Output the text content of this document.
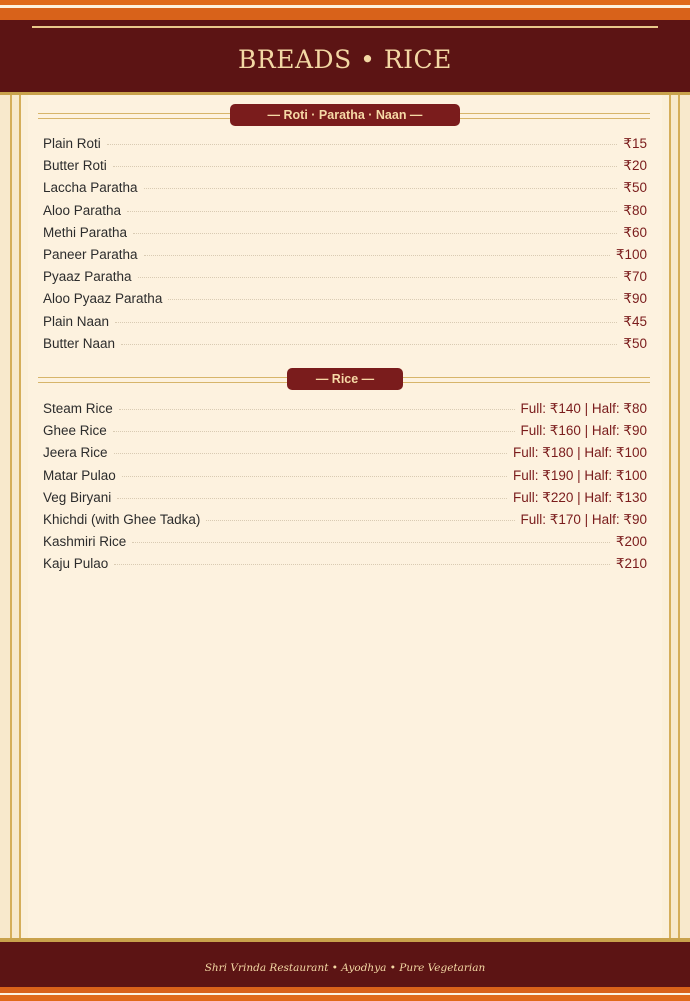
BREADS • RICE
— Roti · Paratha · Naan —
Plain Roti	₹15
Butter Roti	₹20
Laccha Paratha	₹50
Aloo Paratha	₹80
Methi Paratha	₹60
Paneer Paratha	₹100
Pyaaz Paratha	₹70
Aloo Pyaaz Paratha	₹90
Plain Naan	₹45
Butter Naan	₹50
— Rice —
Steam Rice	Full: ₹140 | Half: ₹80
Ghee Rice	Full: ₹160 | Half: ₹90
Jeera Rice	Full: ₹180 | Half: ₹100
Matar Pulao	Full: ₹190 | Half: ₹100
Veg Biryani	Full: ₹220 | Half: ₹130
Khichdi (with Ghee Tadka)	Full: ₹170 | Half: ₹90
Kashmiri Rice	₹200
Kaju Pulao	₹210
Shri Vrinda Restaurant • Ayodhya • Pure Vegetarian
